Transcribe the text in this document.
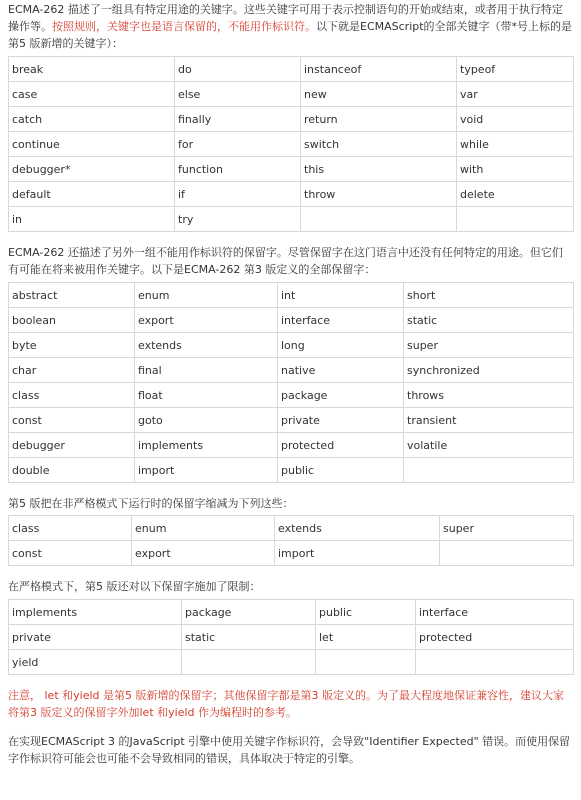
ECMA-262 描述了一组具有特定用途的关键字。这些关键字可用于表示控制语句的开始或结束，或者用于执行特定操作等。按照规则，关键字也是语言保留的，不能用作标识符。以下就是ECMAScript的全部关键字（带*号上标的是第5 版新增的关键字）：

break	do	instanceof	typeof
case	else	new	var
catch	finally	return	void
continue	for	switch	while
debugger*	function	this	with
default	if	throw	delete
in	try		

ECMA-262 还描述了另外一组不能用作标识符的保留字。尽管保留字在这门语言中还没有任何特定的用途。但它们有可能在将来被用作关键字。以下是ECMA-262 第3 版定义的全部保留字：

abstract	enum	int	short
boolean	export	interface	static
byte	extends	long	super
char	final	native	synchronized
class	float	package	throws
const	goto	private	transient
debugger	implements	protected	volatile
double	import	public	

第5 版把在非严格模式下运行时的保留字缩减为下列这些：

class	enum	extends	super
const	export	import	

在严格模式下，第5 版还对以下保留字施加了限制：

implements	package	public	interface
private	static	let	protected
yield			

注意， let 和yield 是第5 版新增的保留字；其他保留字都是第3 版定义的。为了最大程度地保证兼容性，建议大家将第3 版定义的保留字外加let 和yield 作为编程时的参考。

在实现ECMAScript 3 的JavaScript 引擎中使用关键字作标识符，会导致"Identifier Expected" 错误。而使用保留字作标识符可能会也可能不会导致相同的错误，具体取决于特定的引擎。
